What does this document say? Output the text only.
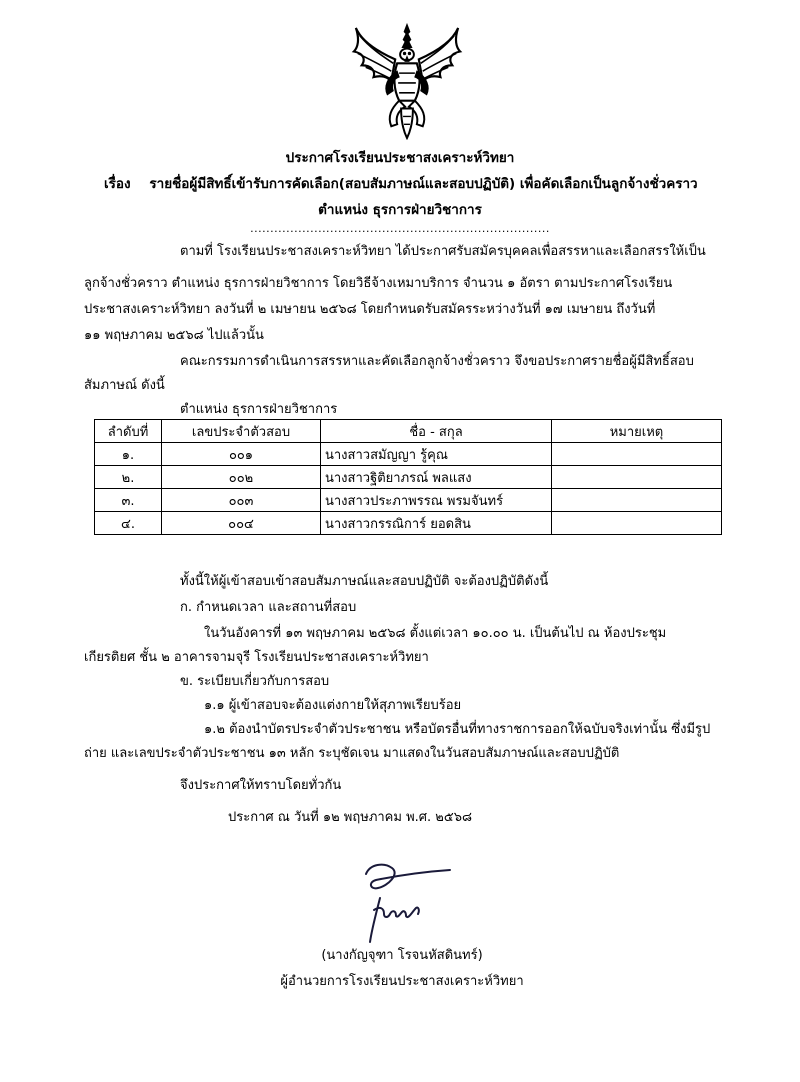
ประกาศโรงเรียนประชาสงเคราะห์วิทยา
เรื่อง รายชื่อผู้มีสิทธิ์เข้ารับการคัดเลือก(สอบสัมภาษณ์และสอบปฏิบัติ) เพื่อคัดเลือกเป็นลูกจ้างชั่วคราว
ตำแหน่ง ธุรการฝ่ายวิชาการ
...........................................................................
ตามที่ โรงเรียนประชาสงเคราะห์วิทยา ได้ประกาศรับสมัครบุคคลเพื่อสรรหาและเลือกสรรให้เป็น
ลูกจ้างชั่วคราว ตำแหน่ง ธุรการฝ่ายวิชาการ โดยวิธีจ้างเหมาบริการ จำนวน ๑ อัตรา ตามประกาศโรงเรียน
ประชาสงเคราะห์วิทยา ลงวันที่ ๒ เมษายน ๒๕๖๘ โดยกำหนดรับสมัครระหว่างวันที่ ๑๗ เมษายน ถึงวันที่
๑๑ พฤษภาคม ๒๕๖๘ ไปแล้วนั้น
คณะกรรมการดำเนินการสรรหาและคัดเลือกลูกจ้างชั่วคราว จึงขอประกาศรายชื่อผู้มีสิทธิ์สอบ
สัมภาษณ์ ดังนี้
ตำแหน่ง ธุรการฝ่ายวิชาการ
ลำดับที่	เลขประจำตัวสอบ	ชื่อ - สกุล	หมายเหตุ
๑.	๐๐๑	นางสาวสมัญญา รู้คุณ	
๒.	๐๐๒	นางสาวฐิติยาภรณ์ พลแสง	
๓.	๐๐๓	นางสาวประภาพรรณ พรมจันทร์	
๔.	๐๐๔	นางสาวกรรณิการ์ ยอดสิน	
ทั้งนี้ให้ผู้เข้าสอบเข้าสอบสัมภาษณ์และสอบปฏิบัติ จะต้องปฏิบัติดังนี้
ก. กำหนดเวลา และสถานที่สอบ
ในวันอังคารที่ ๑๓ พฤษภาคม ๒๕๖๘ ตั้งแต่เวลา ๑๐.๐๐ น. เป็นต้นไป ณ ห้องประชุม
เกียรติยศ ชั้น ๒ อาคารจามจุรี โรงเรียนประชาสงเคราะห์วิทยา
ข. ระเบียบเกี่ยวกับการสอบ
๑.๑ ผู้เข้าสอบจะต้องแต่งกายให้สุภาพเรียบร้อย
๑.๒ ต้องนำบัตรประจำตัวประชาชน หรือบัตรอื่นที่ทางราชการออกให้ฉบับจริงเท่านั้น ซึ่งมีรูป
ถ่าย และเลขประจำตัวประชาชน ๑๓ หลัก ระบุชัดเจน มาแสดงในวันสอบสัมภาษณ์และสอบปฏิบัติ
จึงประกาศให้ทราบโดยทั่วกัน
ประกาศ ณ วันที่ ๑๒ พฤษภาคม พ.ศ. ๒๕๖๘
(นางกัญจุฑา โรจนหัสดินทร์)
ผู้อำนวยการโรงเรียนประชาสงเคราะห์วิทยา
